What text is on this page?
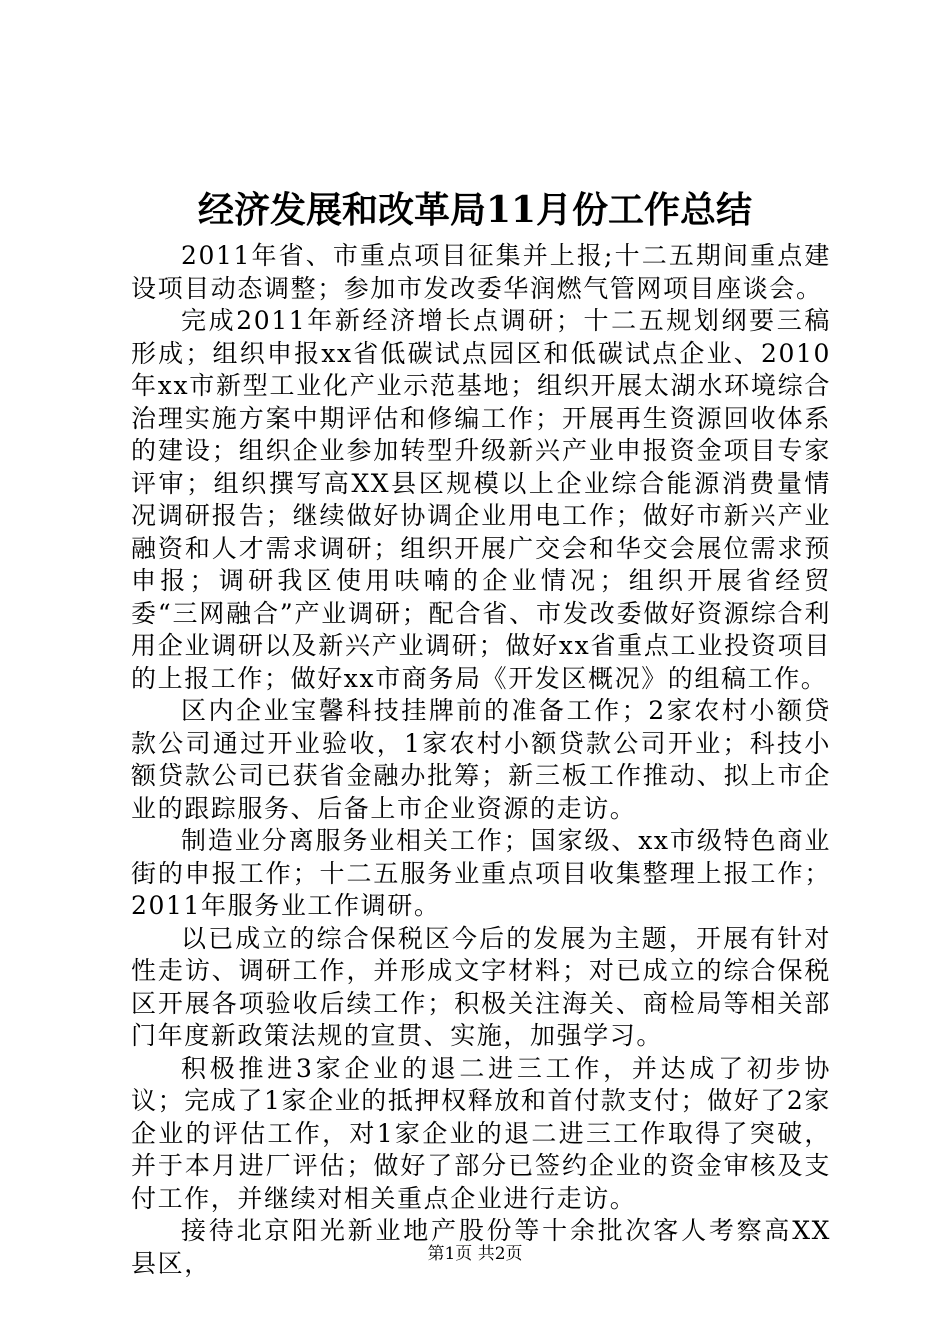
经济发展和改革局11月份工作总结

2011年省、市重点项目征集并上报;十二五期间重点建设项目动态调整；参加市发改委华润燃气管网项目座谈会。

完成2011年新经济增长点调研；十二五规划纲要三稿形成；组织申报xx省低碳试点园区和低碳试点企业、2010年xx市新型工业化产业示范基地；组织开展太湖水环境综合治理实施方案中期评估和修编工作；开展再生资源回收体系的建设；组织企业参加转型升级新兴产业申报资金项目专家评审；组织撰写高XX县区规模以上企业综合能源消费量情况调研报告；继续做好协调企业用电工作；做好市新兴产业融资和人才需求调研；组织开展广交会和华交会展位需求预申报；调研我区使用呋喃的企业情况；组织开展省经贸委“三网融合”产业调研；配合省、市发改委做好资源综合利用企业调研以及新兴产业调研；做好xx省重点工业投资项目的上报工作；做好xx市商务局《开发区概况》的组稿工作。

区内企业宝馨科技挂牌前的准备工作；2家农村小额贷款公司通过开业验收，1家农村小额贷款公司开业；科技小额贷款公司已获省金融办批筹；新三板工作推动、拟上市企业的跟踪服务、后备上市企业资源的走访。

制造业分离服务业相关工作；国家级、xx市级特色商业街的申报工作；十二五服务业重点项目收集整理上报工作；2011年服务业工作调研。

以已成立的综合保税区今后的发展为主题，开展有针对性走访、调研工作，并形成文字材料；对已成立的综合保税区开展各项验收后续工作；积极关注海关、商检局等相关部门年度新政策法规的宣贯、实施，加强学习。

积极推进3家企业的退二进三工作，并达成了初步协议；完成了1家企业的抵押权释放和首付款支付；做好了2家企业的评估工作，对1家企业的退二进三工作取得了突破，并于本月进厂评估；做好了部分已签约企业的资金审核及支付工作，并继续对相关重点企业进行走访。

接待北京阳光新业地产股份等十余批次客人考察高XX县区，	第1页 共2页
